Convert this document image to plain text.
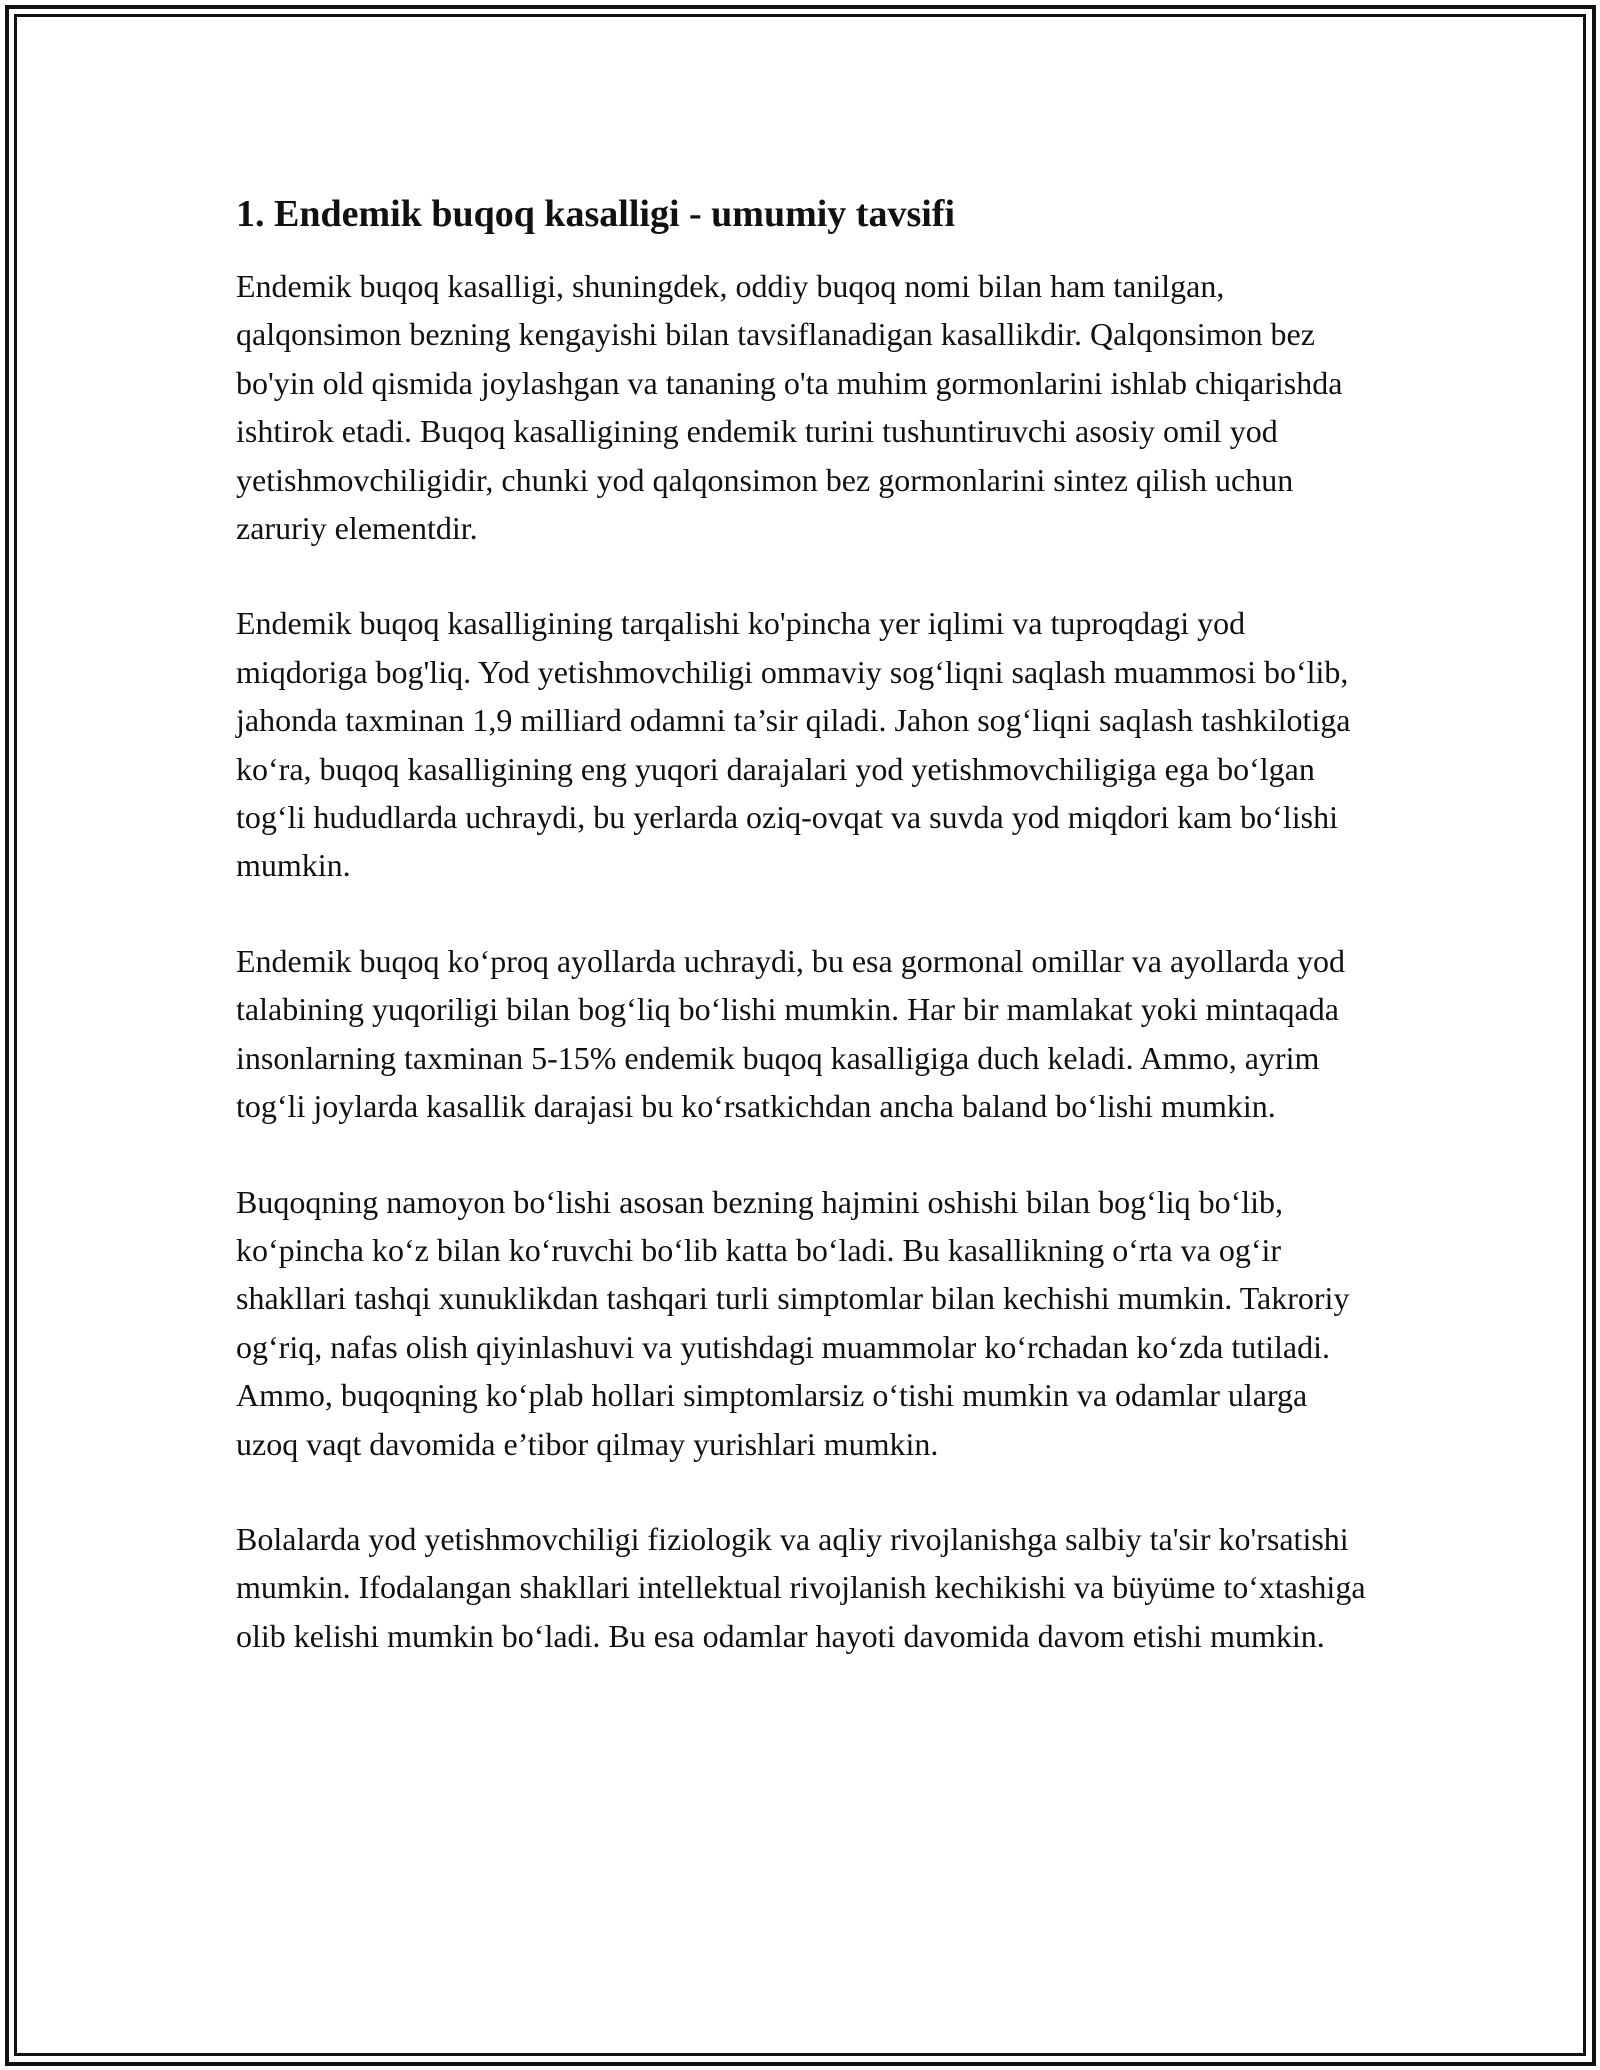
1. Endemik buqoq kasalligi - umumiy tavsifi

Endemik buqoq kasalligi, shuningdek, oddiy buqoq nomi bilan ham tanilgan, qalqonsimon bezning kengayishi bilan tavsiflanadigan kasallikdir. Qalqonsimon bez bo'yin old qismida joylashgan va tananing o'ta muhim gormonlarini ishlab chiqarishda ishtirok etadi. Buqoq kasalligining endemik turini tushuntiruvchi asosiy omil yod yetishmovchiligidir, chunki yod qalqonsimon bez gormonlarini sintez qilish uchun zaruriy elementdir.

Endemik buqoq kasalligining tarqalishi ko'pincha yer iqlimi va tuproqdagi yod miqdoriga bog'liq. Yod yetishmovchiligi ommaviy sog‘liqni saqlash muammosi bo‘lib, jahonda taxminan 1,9 milliard odamni ta’sir qiladi. Jahon sog‘liqni saqlash tashkilotiga ko‘ra, buqoq kasalligining eng yuqori darajalari yod yetishmovchiligiga ega bo‘lgan tog‘li hududlarda uchraydi, bu yerlarda oziq-ovqat va suvda yod miqdori kam bo‘lishi mumkin.

Endemik buqoq ko‘proq ayollarda uchraydi, bu esa gormonal omillar va ayollarda yod talabining yuqoriligi bilan bog‘liq bo‘lishi mumkin. Har bir mamlakat yoki mintaqada insonlarning taxminan 5-15% endemik buqoq kasalligiga duch keladi. Ammo, ayrim tog‘li joylarda kasallik darajasi bu ko‘rsatkichdan ancha baland bo‘lishi mumkin.

Buqoqning namoyon bo‘lishi asosan bezning hajmini oshishi bilan bog‘liq bo‘lib, ko‘pincha ko‘z bilan ko‘ruvchi bo‘lib katta bo‘ladi. Bu kasallikning o‘rta va og‘ir shakllari tashqi xunuklikdan tashqari turli simptomlar bilan kechishi mumkin. Takroriy og‘riq, nafas olish qiyinlashuvi va yutishdagi muammolar ko‘rchadan ko‘zda tutiladi. Ammo, buqoqning ko‘plab hollari simptomlarsiz o‘tishi mumkin va odamlar ularga uzoq vaqt davomida e’tibor qilmay yurishlari mumkin.

Bolalarda yod yetishmovchiligi fiziologik va aqliy rivojlanishga salbiy ta'sir ko'rsatishi mumkin. Ifodalangan shakllari intellektual rivojlanish kechikishi va büyüme to‘xtashiga olib kelishi mumkin bo‘ladi. Bu esa odamlar hayoti davomida davom etishi mumkin.
